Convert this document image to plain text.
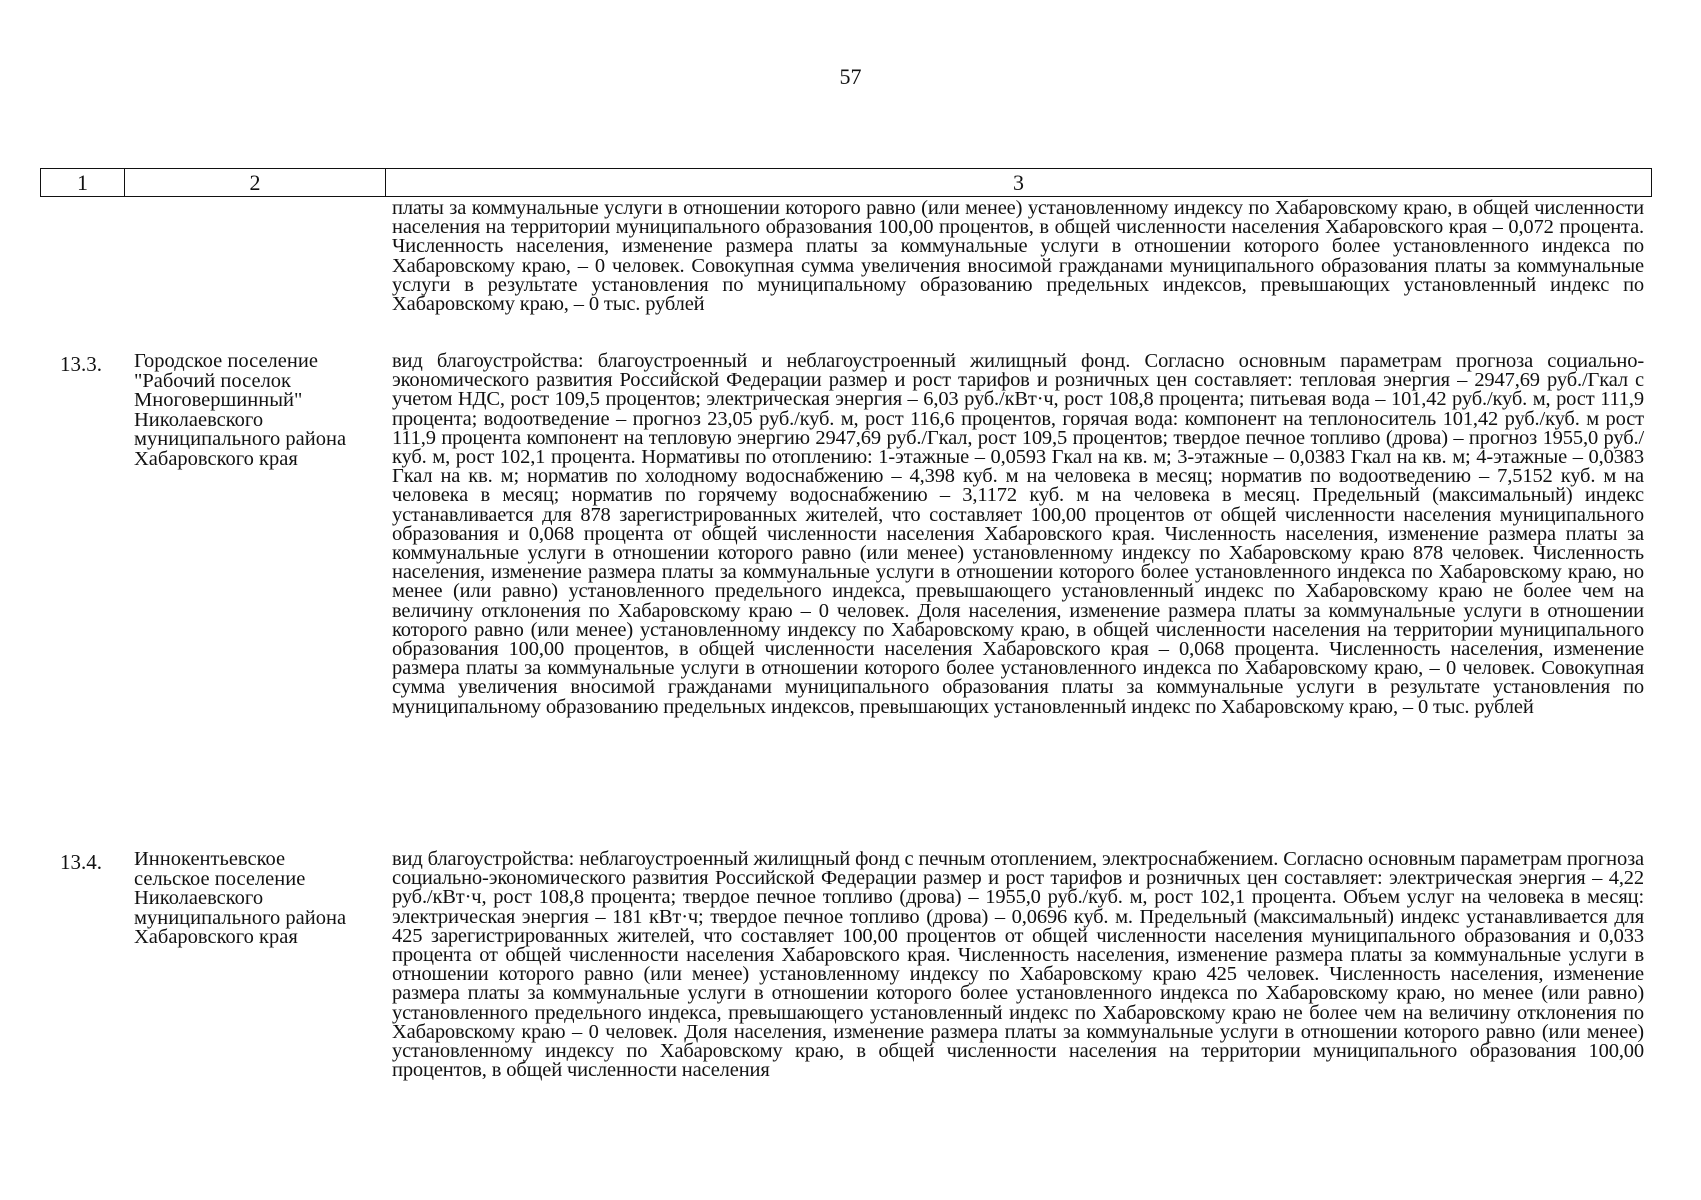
57
1	2	3
платы за коммунальные услуги в отношении которого равно (или менее) установленному индексу по Хабаровскому краю, в общей численности населения на территории муниципального образования 100,00 процентов, в общей численности населения Хабаровского края – 0,072 процента. Численность населения, изменение размера платы за коммунальные услуги в отношении которого более установленного индекса по Хабаровскому краю, – 0 человек. Совокупная сумма увеличения вносимой гражданами муниципального образования платы за коммунальные услуги в результате установления по муниципальному образованию предельных индексов, превышающих установленный индекс по Хабаровскому краю, – 0 тыс. рублей
13.3. Городское поселение "Рабочий поселок Многовершинный" Николаевского муниципального района Хабаровского края
вид благоустройства: благоустроенный и неблагоустроенный жилищный фонд. Согласно основным параметрам прогноза социально-экономического развития Российской Федерации размер и рост тарифов и розничных цен составляет: тепловая энергия – 2947,69 руб./Гкал с учетом НДС, рост 109,5 процентов; электрическая энергия – 6,03 руб./кВт·ч, рост 108,8 процента; питьевая вода – 101,42 руб./куб. м, рост 111,9 процента; водоотведение – прогноз 23,05 руб./куб. м, рост 116,6 процентов, горячая вода: компонент на теплоноситель 101,42 руб./куб. м рост 111,9 процента компонент на тепловую энергию 2947,69 руб./Гкал, рост 109,5 процентов; твердое печное топливо (дрова) – прогноз 1955,0 руб./куб. м, рост 102,1 процента. Нормативы по отоплению: 1-этажные – 0,0593 Гкал на кв. м; 3-этажные – 0,0383 Гкал на кв. м; 4-этажные – 0,0383 Гкал на кв. м; норматив по холодному водоснабжению – 4,398 куб. м на человека в месяц; норматив по водоотведению – 7,5152 куб. м на человека в месяц; норматив по горячему водоснабжению – 3,1172 куб. м на человека в месяц. Предельный (максимальный) индекс устанавливается для 878 зарегистрированных жителей, что составляет 100,00 процентов от общей численности населения муниципального образования и 0,068 процента от общей численности населения Хабаровского края. Численность населения, изменение размера платы за коммунальные услуги в отношении которого равно (или менее) установленному индексу по Хабаровскому краю 878 человек. Численность населения, изменение размера платы за коммунальные услуги в отношении которого более установленного индекса по Хабаровскому краю, но менее (или равно) установленного предельного индекса, превышающего установленный индекс по Хабаровскому краю не более чем на величину отклонения по Хабаровскому краю – 0 человек. Доля населения, изменение размера платы за коммунальные услуги в отношении которого равно (или менее) установленному индексу по Хабаровскому краю, в общей численности населения на территории муниципального образования 100,00 процентов, в общей численности населения Хабаровского края – 0,068 процента. Численность населения, изменение размера платы за коммунальные услуги в отношении которого более установленного индекса по Хабаровскому краю, – 0 человек. Совокупная сумма увеличения вносимой гражданами муниципального образования платы за коммунальные услуги в результате установления по муниципальному образованию предельных индексов, превышающих установленный индекс по Хабаровскому краю, – 0 тыс. рублей
13.4. Иннокентьевское сельское поселение Николаевского муниципального района Хабаровского края
вид благоустройства: неблагоустроенный жилищный фонд с печным отоплением, электроснабжением. Согласно основным параметрам прогноза социально-экономического развития Российской Федерации размер и рост тарифов и розничных цен составляет: электрическая энергия – 4,22 руб./кВт·ч, рост 108,8 процента; твердое печное топливо (дрова) – 1955,0 руб./куб. м, рост 102,1 процента. Объем услуг на человека в месяц: электрическая энергия – 181 кВт·ч; твердое печное топливо (дрова) – 0,0696 куб. м. Предельный (максимальный) индекс устанавливается для 425 зарегистрированных жителей, что составляет 100,00 процентов от общей численности населения муниципального образования и 0,033 процента от общей численности населения Хабаровского края. Численность населения, изменение размера платы за коммунальные услуги в отношении которого равно (или менее) установленному индексу по Хабаровскому краю 425 человек. Численность населения, изменение размера платы за коммунальные услуги в отношении которого более установленного индекса по Хабаровскому краю, но менее (или равно) установленного предельного индекса, превышающего установленный индекс по Хабаровскому краю не более чем на величину отклонения по Хабаровскому краю – 0 человек. Доля населения, изменение размера платы за коммунальные услуги в отношении которого равно (или менее) установленному индексу по Хабаровскому краю, в общей численности населения на территории муниципального образования 100,00 процентов, в общей численности населения
